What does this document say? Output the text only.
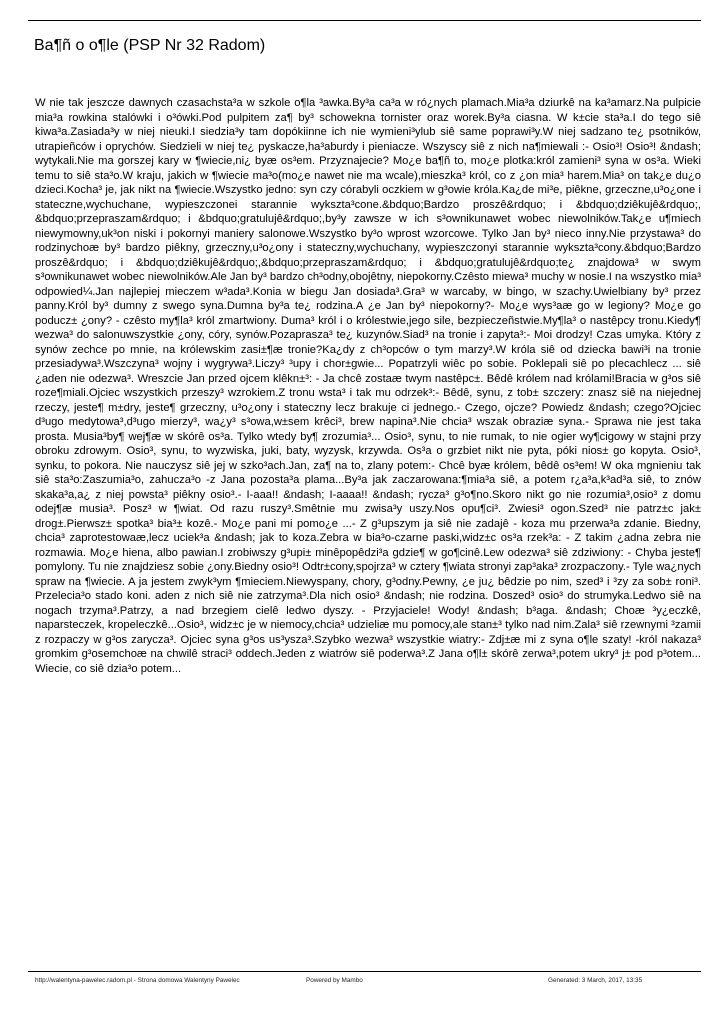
Ba¶ñ o o¶le (PSP Nr 32 Radom)

W nie tak jeszcze dawnych czasachsta³a w szkole o¶la ³awka.By³a ca³a w ró¿nych plamach.Mia³a dziurkê na ka³amarz.Na pulpicie mia³a rowkina stalówki i o³ówki.Pod pulpitem za¶ by³ schowekna tornister oraz worek.By³a ciasna. W k±cie sta³a.I do tego siê kiwa³a.Zasiada³y w niej nieuki.I siedzia³y tam dopókiinne ich nie wymieni³ylub siê same poprawi³y.W niej sadzano te¿ psotników, utrapieñców i oprychów. Siedzieli w niej te¿ pyskacze,ha³aburdy i pieniacze. Wszyscy siê z nich na¶miewali :- Osio³! Osio³! &ndash; wytykali.Nie ma gorszej kary w ¶wiecie,ni¿ byæ os³em. Przyznajecie? Mo¿e ba¶ñ to, mo¿e plotka:król zamieni³ syna w os³a. Wieki temu to siê sta³o.W kraju, jakich w ¶wiecie ma³o(mo¿e nawet nie ma wcale),mieszka³ król, co z ¿on mia³ harem.Mia³ on tak¿e du¿o dzieci.Kocha³ je, jak nikt na ¶wiecie.Wszystko jedno: syn czy córabyli oczkiem w g³owie króla.Ka¿de mi³e, piêkne, grzeczne,u³o¿one i stateczne,wychuchane, wypieszczonei starannie wykszta³cone.&bdquo;Bardzo proszê&rdquo; i &bdquo;dziêkujê&rdquo;, &bdquo;przepraszam&rdquo; i &bdquo;gratulujê&rdquo;,by³y zawsze w ich s³ownikunawet wobec niewolników.Tak¿e u¶miech niewymowny,uk³on niski i pokornyi maniery salonowe.Wszystko by³o wprost wzorcowe. Tylko Jan by³ nieco inny.Nie przystawa³ do rodzinychoæ by³ bardzo piêkny, grzeczny,u³o¿ony i stateczny,wychuchany, wypieszczonyi starannie wykszta³cony.&bdquo;Bardzo proszê&rdquo; i &bdquo;dziêkujê&rdquo;,&bdquo;przepraszam&rdquo; i &bdquo;gratulujê&rdquo;te¿ znajdowa³ w swym s³ownikunawet wobec niewolników.Ale Jan by³ bardzo ch³odny,obojêtny, niepokorny.Czêsto miewa³ muchy w nosie.I na wszystko mia³ odpowied¼.Jan najlepiej mieczem w³ada³.Konia w biegu Jan dosiada³.Gra³ w warcaby, w bingo, w szachy.Uwielbiany by³ przez panny.Król by³ dumny z swego syna.Dumna by³a te¿ rodzina.A ¿e Jan by³ niepokorny?- Mo¿e wys³aæ go w legiony? Mo¿e go poducz± ¿ony? - czêsto my¶la³ król zmartwiony. Duma³ król i o królestwie,jego sile, bezpieczeñstwie.My¶la³ o nastêpcy tronu.Kiedy¶ wezwa³ do salonuwszystkie ¿ony, córy, synów.Pozaprasza³ te¿ kuzynów.Siad³ na tronie i zapyta³:- Moi drodzy! Czas umyka. Który z synów zechce po mnie, na królewskim zasi±¶æ tronie?Ka¿dy z ch³opców o tym marzy³.W króla siê od dziecka bawi³i na tronie przesiadywa³.Wszczyna³ wojny i wygrywa³.Liczy³ ³upy i chor±gwie... Popatrzyli wiêc po sobie. Poklepali siê po plecachlecz ... siê ¿aden nie odezwa³. Wreszcie Jan przed ojcem klêkn±³: - Ja chcê zostaæ twym nastêpc±. Bêdê królem nad królami!Bracia w g³os siê roze¶miali.Ojciec wszystkich przeszy³ wzrokiem.Z tronu wsta³ i tak mu odrzek³:- Bêdê, synu, z tob± szczery: znasz siê na niejednej rzeczy, jeste¶ m±dry, jeste¶ grzeczny, u³o¿ony i stateczny lecz brakuje ci jednego.- Czego, ojcze? Powiedz &ndash; czego?Ojciec d³ugo medytowa³,d³ugo mierzy³, wa¿y³ s³owa,w±sem krêci³, brew napina³.Nie chcia³ wszak obraziæ syna.- Sprawa nie jest taka prosta. Musia³by¶ wej¶æ w skórê os³a. Tylko wtedy by¶ zrozumia³... Osio³, synu, to nie rumak, to nie ogier wy¶cigowy w stajni przy obroku zdrowym. Osio³, synu, to wyzwiska, juki, baty, wyzysk, krzywda. Os³a o grzbiet nikt nie pyta, póki nios± go kopyta. Osio³, synku, to pokora. Nie nauczysz siê jej w szko³ach.Jan, za¶ na to, zlany potem:- Chcê byæ królem, bêdê os³em! W oka mgnieniu tak siê sta³o:Zaszumia³o, zahucza³o -z Jana pozosta³a plama...By³a jak zaczarowana:¶mia³a siê, a potem r¿a³a,k³ad³a siê, to znów skaka³a,a¿ z niej powsta³ piêkny osio³.- I-aaa!! &ndash; I-aaaa!! &ndash; rycza³ g³o¶no.Skoro nikt go nie rozumia³,osio³ z domu odej¶æ musia³. Posz³ w ¶wiat. Od razu ruszy³.Smêtnie mu zwisa³y uszy.Nos opu¶ci³. Zwiesi³ ogon.Szed³ nie patrz±c jak± drog±.Pierwsz± spotka³ bia³± kozê.- Mo¿e pani mi pomo¿e ...- Z g³upszym ja siê nie zadajê - koza mu przerwa³a zdanie. Biedny, chcia³ zaprotestowaæ,lecz uciek³a &ndash; jak to koza.Zebra w bia³o-czarne paski,widz±c os³a rzek³a: - Z takim ¿adna zebra nie rozmawia. Mo¿e hiena, albo pawian.I zrobiwszy g³upi± minêpopêdzi³a gdzie¶ w go¶cinê.Lew odezwa³ siê zdziwiony: - Chyba jeste¶ pomylony. Tu nie znajdziesz sobie ¿ony.Biedny osio³! Odtr±cony,spojrza³ w cztery ¶wiata stronyi zap³aka³ zrozpaczony.- Tyle wa¿nych spraw na ¶wiecie. A ja jestem zwyk³ym ¶mieciem.Niewyspany, chory, g³odny.Pewny, ¿e ju¿ bêdzie po nim, szed³ i ³zy za sob± roni³. Przelecia³o stado koni. aden z nich siê nie zatrzyma³.Dla nich osio³ &ndash; nie rodzina. Doszed³ osio³ do strumyka.Ledwo siê na nogach trzyma³.Patrzy, a nad brzegiem cielê ledwo dyszy. - Przyjaciele! Wody! &ndash; b³aga. &ndash; Choæ ³y¿eczkê, naparsteczek, kropeleczkê...Osio³, widz±c je w niemocy,chcia³ udzieliæ mu pomocy,ale stan±³ tylko nad nim.Zala³ siê rzewnymi ³zamii z rozpaczy w g³os zarycza³. Ojciec syna g³os us³ysza³.Szybko wezwa³ wszystkie wiatry:- Zdj±æ mi z syna o¶le szaty! -król nakaza³ gromkim g³osemchoæ na chwilê straci³ oddech.Jeden z wiatrów siê poderwa³.Z Jana o¶l± skórê zerwa³,potem ukry³ j± pod p³otem... Wiecie, co siê dzia³o potem...

http://walentyna-pawelec.radom.pl - Strona domowa Walentyny Pawelec	Powered by Mambo	Generated: 3 March, 2017, 13:35
